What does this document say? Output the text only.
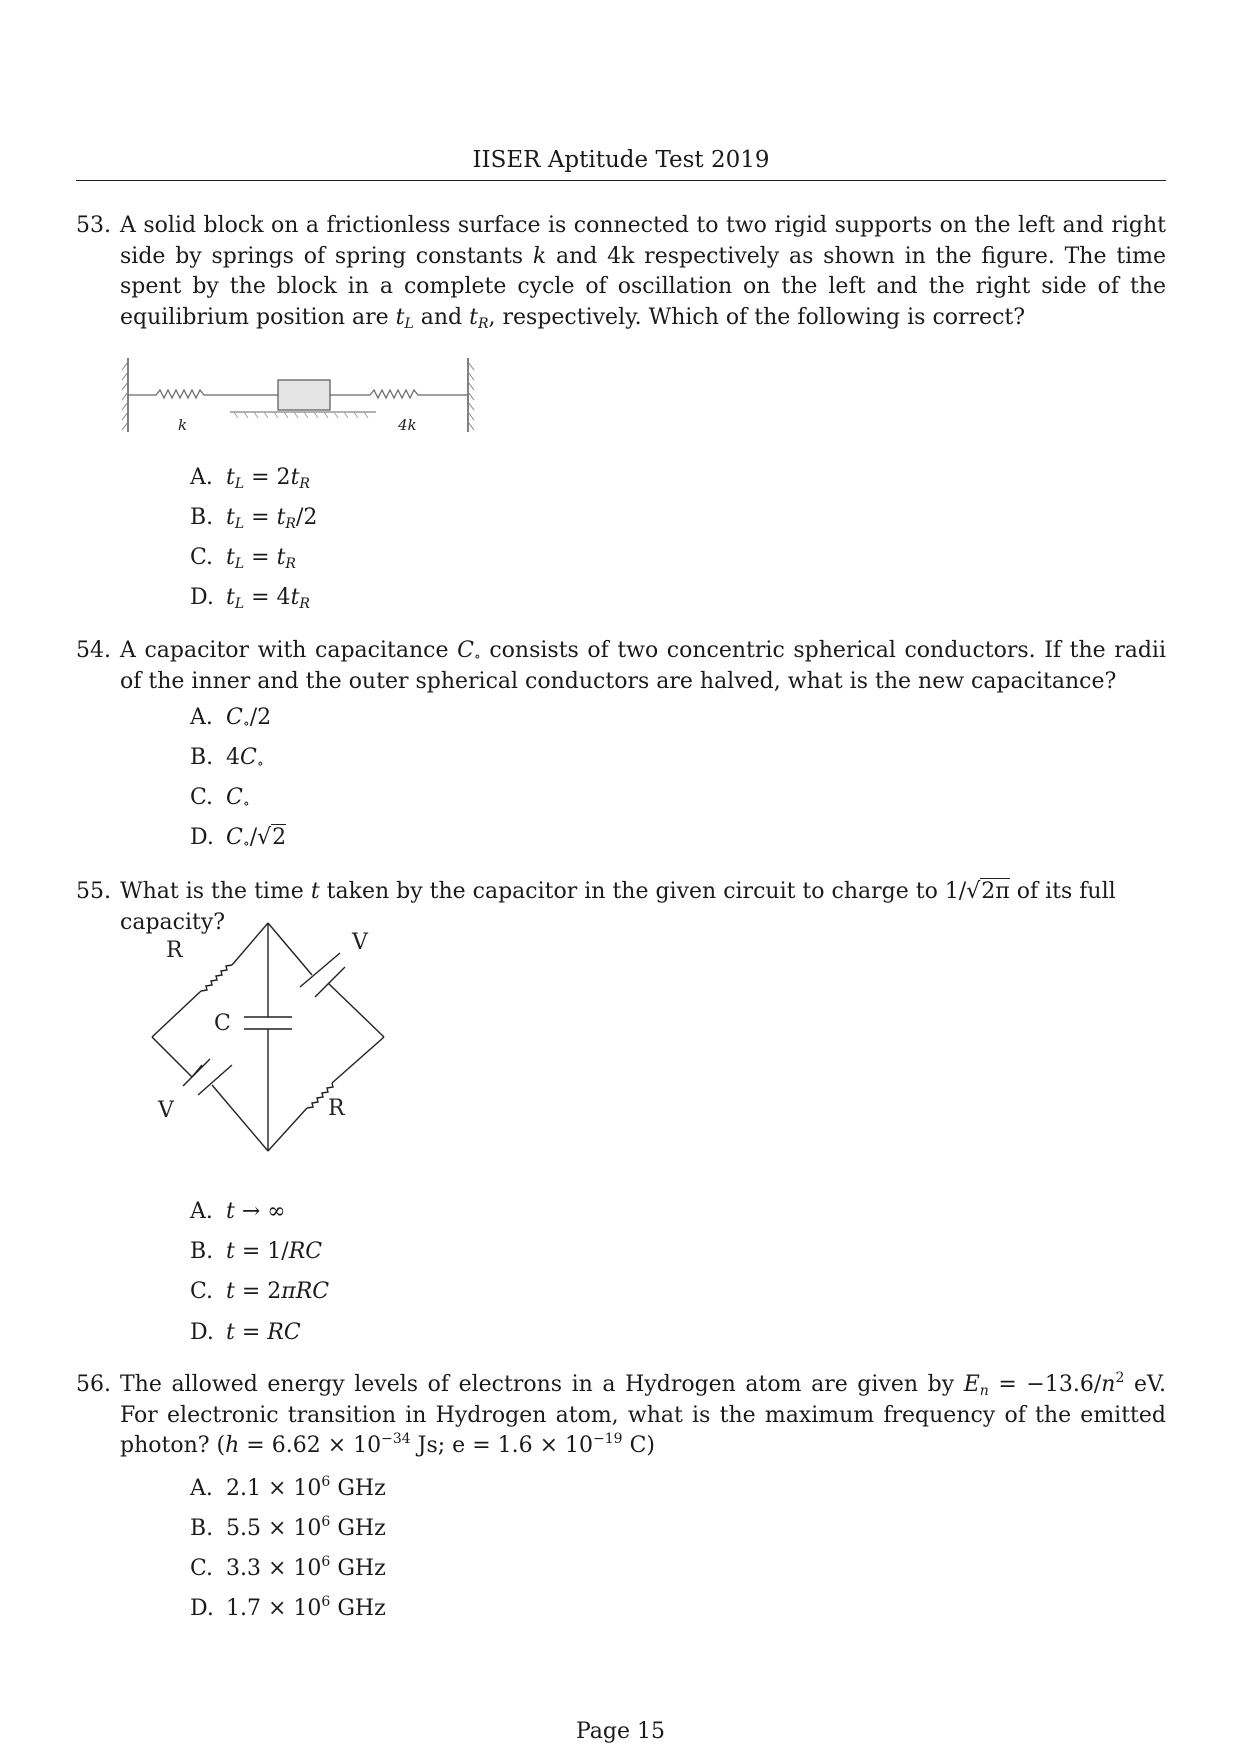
IISER Aptitude Test 2019
53. A solid block on a frictionless surface is connected to two rigid supports on the left and right side by springs of spring constants k and 4k respectively as shown in the figure. The time spent by the block in a complete cycle of oscillation on the left and the right side of the equilibrium position are $t_L$ and $t_R$, respectively. Which of the following is correct?
k	4k
A. $t_L = 2t_R$
B. $t_L = t_R/2$
C. $t_L = t_R$
D. $t_L = 4t_R$
54. A capacitor with capacitance $C_\circ$ consists of two concentric spherical conductors. If the radii of the inner and the outer spherical conductors are halved, what is the new capacitance?
A. $C_\circ/2$
B. $4C_\circ$
C. $C_\circ$
D. $C_\circ/√2$
55. What is the time t taken by the capacitor in the given circuit to charge to 1/√2π of its full capacity?
R	V
C
V	R
A. t → ∞
B. t = 1/RC
C. t = 2πRC
D. t = RC
56. The allowed energy levels of electrons in a Hydrogen atom are given by $E_n = -13.6/n^2$ eV. For electronic transition in Hydrogen atom, what is the maximum frequency of the emitted photon? ($h = 6.62 \times 10^{-34}$ Js; $e = 1.6 \times 10^{-19}$ C)
A. $2.1 \times 10^6$ GHz
B. $5.5 \times 10^6$ GHz
C. $3.3 \times 10^6$ GHz
D. $1.7 \times 10^6$ GHz
Page 15
